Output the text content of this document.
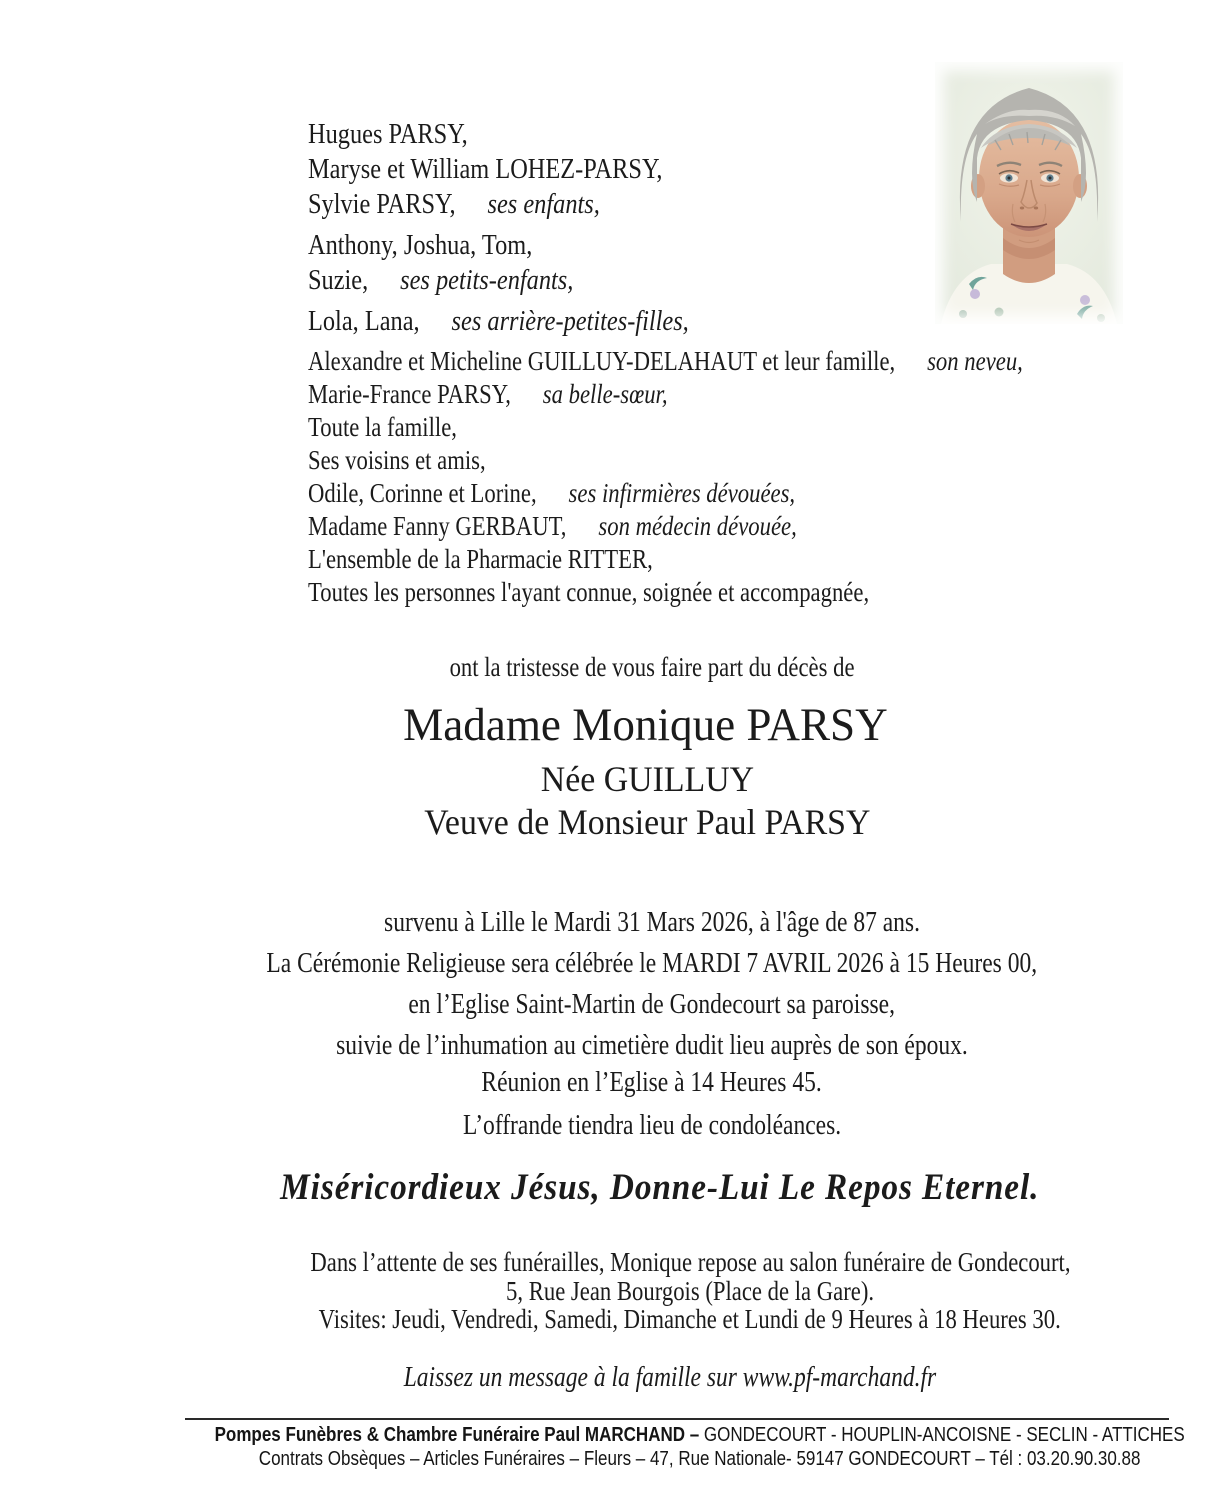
Hugues PARSY,
Maryse et William LOHEZ-PARSY,
Sylvie PARSY, ses enfants,
Anthony, Joshua, Tom,
Suzie, ses petits-enfants,
Lola, Lana, ses arrière-petites-filles,
Alexandre et Micheline GUILLUY-DELAHAUT et leur famille, son neveu,
Marie-France PARSY, sa belle-sœur,
Toute la famille,
Ses voisins et amis,
Odile, Corinne et Lorine, ses infirmières dévouées,
Madame Fanny GERBAUT, son médecin dévouée,
L'ensemble de la Pharmacie RITTER,
Toutes les personnes l'ayant connue, soignée et accompagnée,
ont la tristesse de vous faire part du décès de
Madame Monique PARSY
Née GUILLUY
Veuve de Monsieur Paul PARSY
survenu à Lille le Mardi 31 Mars 2026, à l'âge de 87 ans.
La Cérémonie Religieuse sera célébrée le MARDI 7 AVRIL 2026 à 15 Heures 00,
en l’Eglise Saint-Martin de Gondecourt sa paroisse,
suivie de l’inhumation au cimetière dudit lieu auprès de son époux.
Réunion en l’Eglise à 14 Heures 45.
L’offrande tiendra lieu de condoléances.
Miséricordieux Jésus, Donne-Lui Le Repos Eternel.
Dans l’attente de ses funérailles, Monique repose au salon funéraire de Gondecourt,
5, Rue Jean Bourgois (Place de la Gare).
Visites: Jeudi, Vendredi, Samedi, Dimanche et Lundi de 9 Heures à 18 Heures 30.
Laissez un message à la famille sur www.pf-marchand.fr
Pompes Funèbres & Chambre Funéraire Paul MARCHAND – GONDECOURT - HOUPLIN-ANCOISNE - SECLIN - ATTICHES
Contrats Obsèques – Articles Funéraires – Fleurs – 47, Rue Nationale- 59147 GONDECOURT – Tél : 03.20.90.30.88
